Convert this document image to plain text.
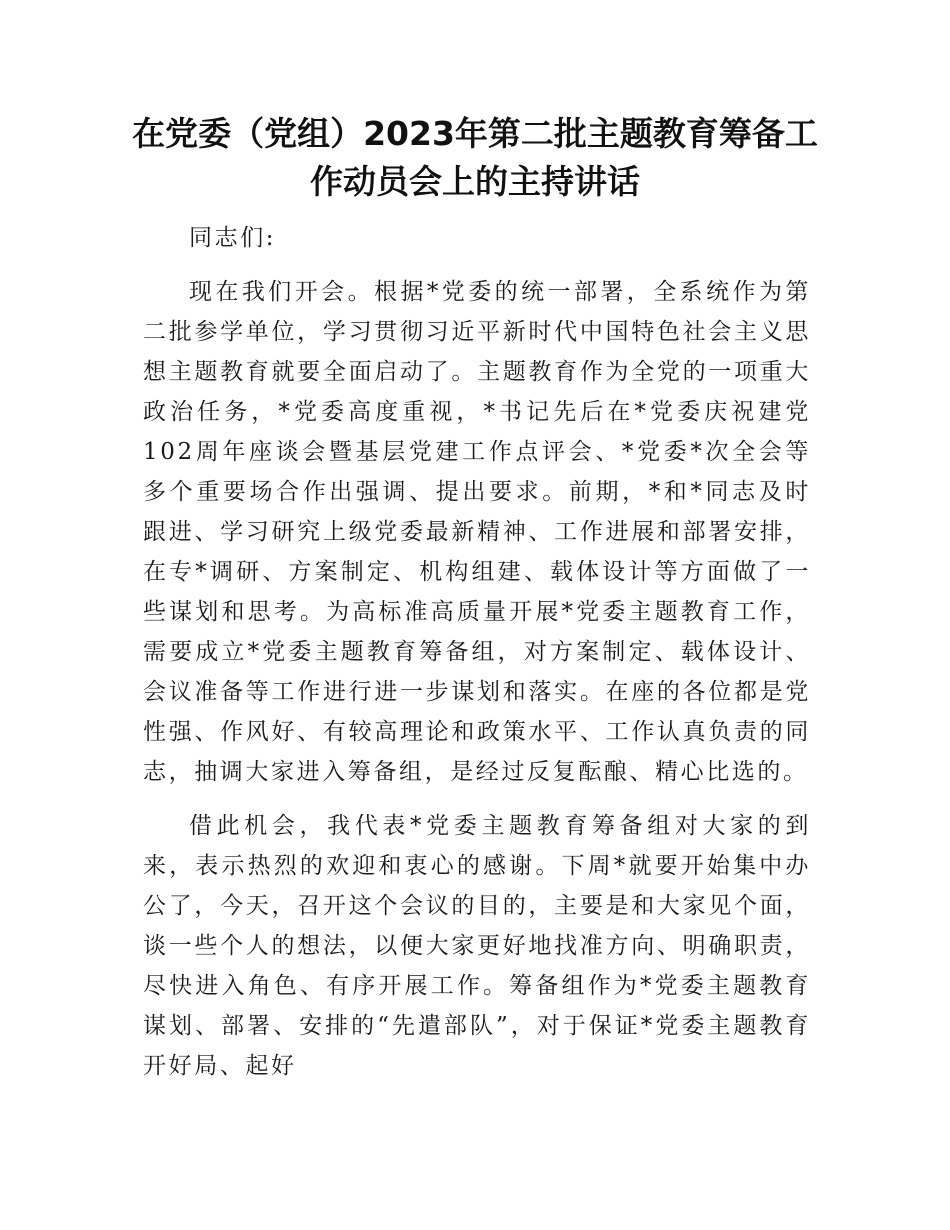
在党委（党组）2023年第二批主题教育筹备工作动员会上的主持讲话

同志们:

现在我们开会。根据*党委的统一部署，全系统作为第二批参学单位，学习贯彻习近平新时代中国特色社会主义思想主题教育就要全面启动了。主题教育作为全党的一项重大政治任务，*党委高度重视，*书记先后在*党委庆祝建党102周年座谈会暨基层党建工作点评会、*党委*次全会等多个重要场合作出强调、提出要求。前期，*和*同志及时跟进、学习研究上级党委最新精神、工作进展和部署安排，在专*调研、方案制定、机构组建、载体设计等方面做了一些谋划和思考。为高标准高质量开展*党委主题教育工作，需要成立*党委主题教育筹备组，对方案制定、载体设计、会议准备等工作进行进一步谋划和落实。在座的各位都是党性强、作风好、有较高理论和政策水平、工作认真负责的同志，抽调大家进入筹备组，是经过反复酝酿、精心比选的。

借此机会，我代表*党委主题教育筹备组对大家的到来，表示热烈的欢迎和衷心的感谢。下周*就要开始集中办公了，今天，召开这个会议的目的，主要是和大家见个面，谈一些个人的想法，以便大家更好地找准方向、明确职责，尽快进入角色、有序开展工作。筹备组作为*党委主题教育谋划、部署、安排的“先遣部队”，对于保证*党委主题教育开好局、起好
